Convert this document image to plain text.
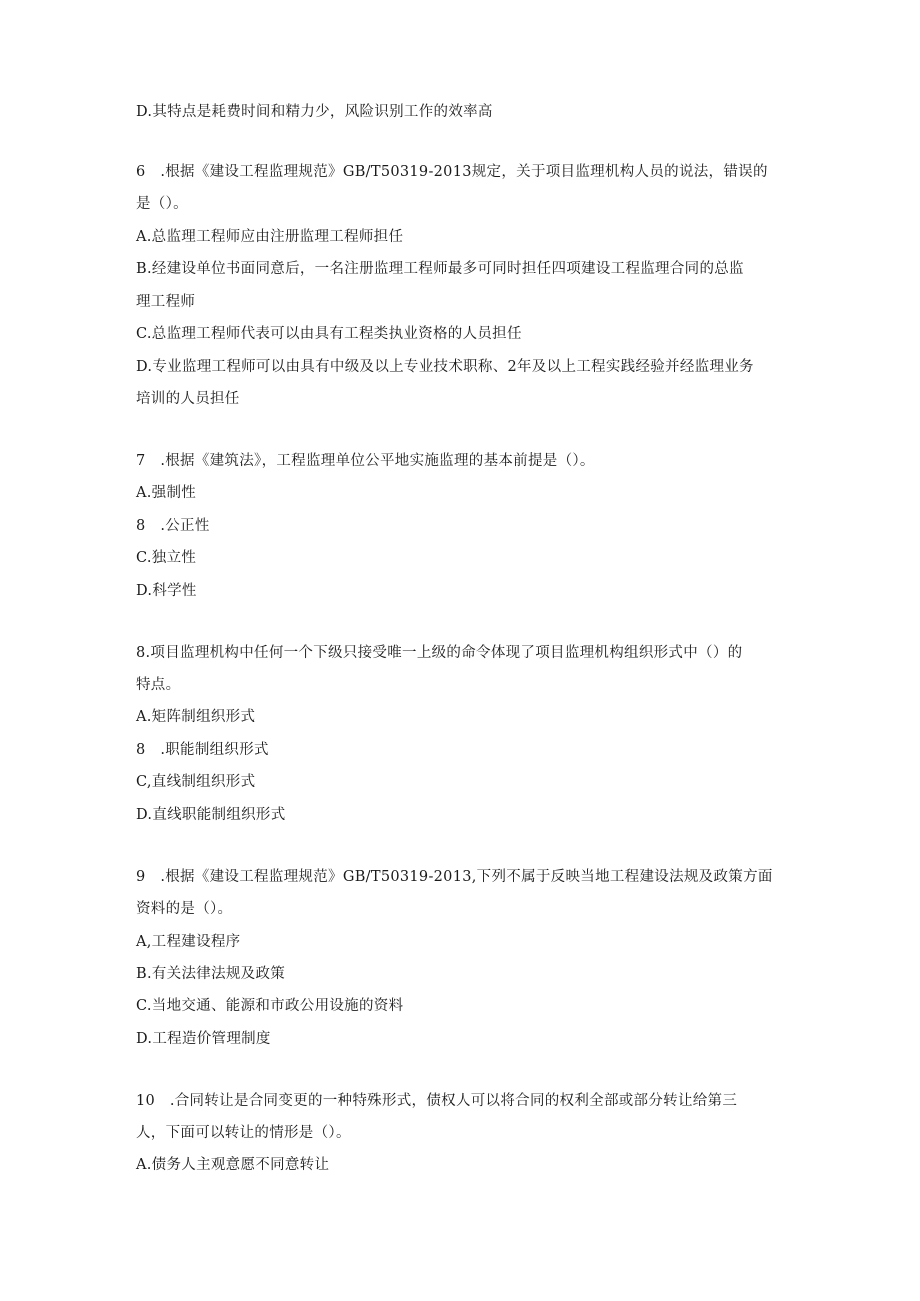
D.其特点是耗费时间和精力少，风险识别工作的效率高
6　.根据《建设工程监理规范》GB/T50319-2013规定，关于项目监理机构人员的说法，错误的
是（）。
A.总监理工程师应由注册监理工程师担任
B.经建设单位书面同意后，一名注册监理工程师最多可同时担任四项建设工程监理合同的总监
理工程师
C.总监理工程师代表可以由具有工程类执业资格的人员担任
D.专业监理工程师可以由具有中级及以上专业技术职称、2年及以上工程实践经验并经监理业务
培训的人员担任
7　.根据《建筑法》，工程监理单位公平地实施监理的基本前提是（）。
A.强制性
8　.公正性
C.独立性
D.科学性
8.项目监理机构中任何一个下级只接受唯一上级的命令体现了项目监理机构组织形式中（）的
特点。
A.矩阵制组织形式
8　.职能制组织形式
C,直线制组织形式
D.直线职能制组织形式
9　.根据《建设工程监理规范》GB/T50319-2013,下列不属于反映当地工程建设法规及政策方面
资料的是（）。
A,工程建设程序
B.有关法律法规及政策
C.当地交通、能源和市政公用设施的资料
D.工程造价管理制度
10　.合同转让是合同变更的一种特殊形式，债权人可以将合同的权利全部或部分转让给第三
人，下面可以转让的情形是（）。
A.债务人主观意愿不同意转让
